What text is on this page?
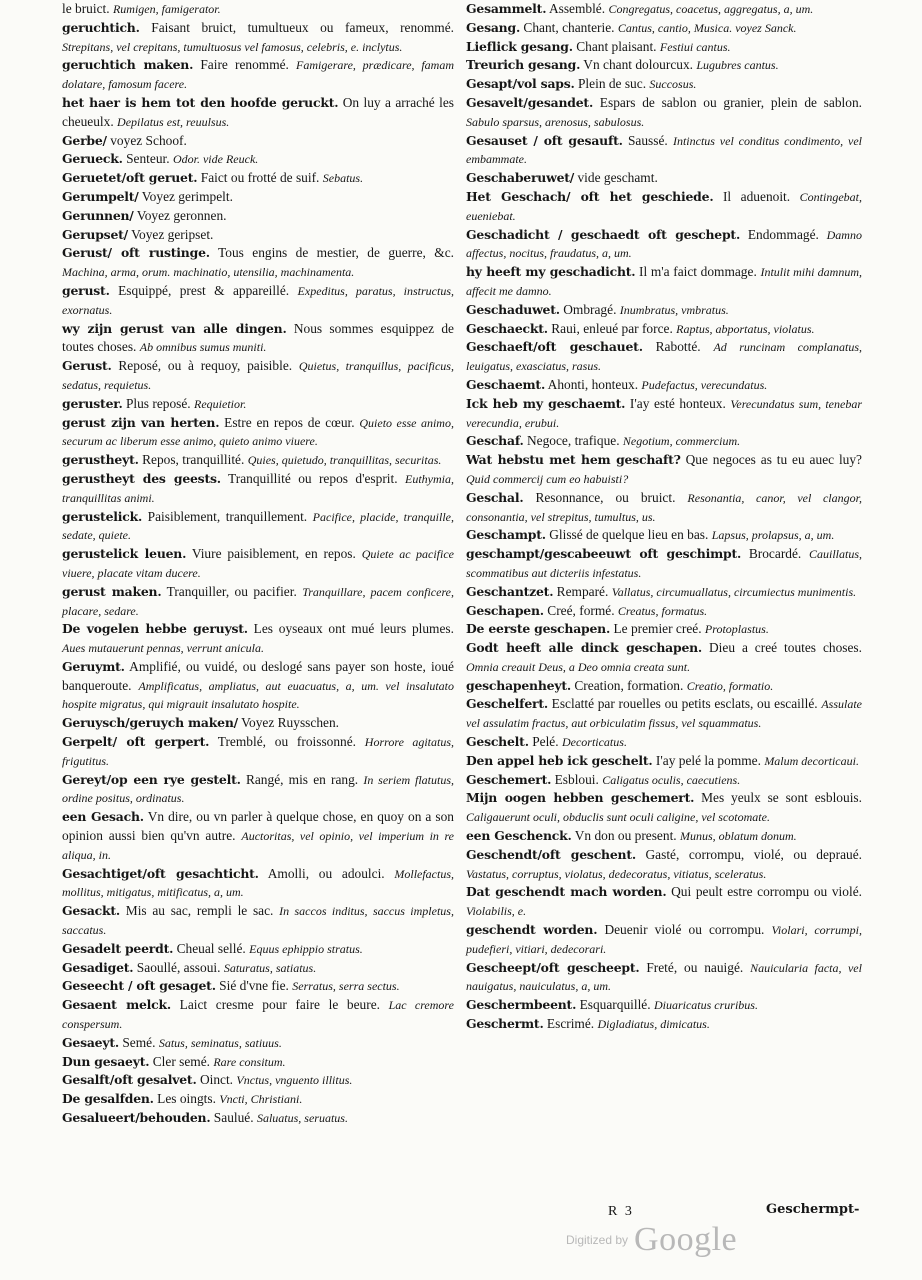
le bruict. Rumigen, famigerator.

geruchtich. Faisant bruict, tumultueux ou fameux, renommé. Strepitans, vel crepitans, tumultuosus vel famosus, celebris, e. inclytus.

geruchtich maken. Faire renommé. Famigerare, prædicare, famam dolatare, famosum facere.

het haer is hem tot den hoofde geruckt. On luy a arraché les cheueulx. Depilatus est, reuulsus.

Gerbe/ voyez Schoof.

Gerueck. Senteur. Odor. vide Reuck.

Geruetet/oft geruet. Faict ou frotté de suif. Sebatus.

Gerumpelt/ Voyez gerimpelt.

Gerunnen/ Voyez geronnen.

Gerupset/ Voyez geripset.

Gerust/ oft rustinge. Tous engins de mestier, de guerre, &c. Machina, arma, orum. machinatio, utensilia, machinamenta.

gerust. Esquippé, prest & appareillé. Expeditus, paratus, instructus, exornatus.

wy zijn gerust van alle dingen. Nous sommes esquippez de toutes choses. Ab omnibus sumus muniti.

Gerust. Reposé, ou à requoy, paisible. Quietus, tranquillus, pacificus, sedatus, requietus.

geruster. Plus reposé. Requietior.

gerust zijn van herten. Estre en repos de cœur. Quieto esse animo, securum ac liberum esse animo, quieto animo viuere.

gerustheyt. Repos, tranquillité. Quies, quietudo, tranquillitas, securitas.

gerustheyt des geests. Tranquillité ou repos d'esprit. Euthymia, tranquillitas animi.

gerustelick. Paisiblement, tranquillement. Pacifice, placide, tranquille, sedate, quiete.

gerustelick leuen. Viure paisiblement, en repos. Quiete ac pacifice viuere, placate vitam ducere.

gerust maken. Tranquiller, ou pacifier. Tranquillare, pacem conficere, placare, sedare.

De vogelen hebbe geruyst. Les oyseaux ont mué leurs plumes. Aues mutauerunt pennas, verrunt anicula.

Geruymt. Amplifié, ou vuidé, ou deslogé sans payer son hoste, ioué banqueroute. Amplificatus, ampliatus, aut euacuatus, a, um. vel insalutato hospite migratus, qui migrauit insalutato hospite.

Geruysch/geruych maken/ Voyez Ruysschen.

Gerpelt/ oft gerpert. Tremblé, ou froissonné. Horrore agitatus, frigutitus.

Gereyt/op een rye gestelt. Rangé, mis en rang. In seriem flatutus, ordine positus, ordinatus.

een Gesach. Vn dire, ou vn parler à quelque chose, en quoy on a son opinion aussi bien qu'vn autre. Auctoritas, vel opinio, vel imperium in re aliqua, in.

Gesachtiget/oft gesachticht. Amolli, ou adoulci. Mollefactus, mollitus, mitigatus, mitificatus, a, um.

Gesackt. Mis au sac, rempli le sac. In saccos inditus, saccus impletus, saccatus.

Gesadelt peerdt. Cheual sellé. Equus ephippio stratus.

Gesadiget. Saoullé, assoui. Saturatus, satiatus.

Geseecht / oft gesaget. Sié d'vne fie. Serratus, serra sectus.

Gesaent melck. Laict cresme pour faire le beure. Lac cremore conspersum.

Gesaeyt. Semé. Satus, seminatus, satiuus.

Dun gesaeyt. Cler semé. Rare consitum.

Gesalft/oft gesalvet. Oinct. Vnctus, vnguento illitus.

De gesalfden. Les oingts. Vncti, Christiani.

Gesalueert/behouden. Saulué. Saluatus, seruatus.

Gesammelt. Assemblé. Congregatus, coacetus, aggregatus, a, um.

Gesang. Chant, chanterie. Cantus, cantio, Musica. voyez Sanck.

Lieflick gesang. Chant plaisant. Festiui cantus.

Treurich gesang. Vn chant dolourcux. Lugubres cantus.

Gesapt/vol saps. Plein de suc. Succosus.

Gesavelt/gesandet. Espars de sablon ou granier, plein de sablon. Sabulo sparsus, arenosus, sabulosus.

Gesauset / oft gesauft. Saussé. Intinctus vel conditus condimento, vel embammate.

Geschaberuwet/ vide geschamt.

Het Geschach/ oft het geschiede. Il aduenoit. Contingebat, eueniebat.

Geschadicht / geschaedt oft geschept. Endommagé. Damno affectus, nocitus, fraudatus, a, um.

hy heeft my geschadicht. Il m'a faict dommage. Intulit mihi damnum, affecit me damno.

Geschaduwet. Ombragé. Inumbratus, vmbratus.

Geschaeckt. Raui, enleué par force. Raptus, abportatus, violatus.

Geschaeft/oft geschauet. Rabotté. Ad runcinam complanatus, leuigatus, exasciatus, rasus.

Geschaemt. Ahonti, honteux. Pudefactus, verecundatus.

Ick heb my geschaemt. I'ay esté honteux. Verecundatus sum, tenebar verecundia, erubui.

Geschaf. Negoce, trafique. Negotium, commercium.

Wat hebstu met hem geschaft? Que negoces as tu eu auec luy? Quid commercij cum eo habuisti?

Geschal. Resonnance, ou bruict. Resonantia, canor, vel clangor, consonantia, vel strepitus, tumultus, us.

Geschampt. Glissé de quelque lieu en bas. Lapsus, prolapsus, a, um.

geschampt/gescabeeuwt oft geschimpt. Brocardé. Cauillatus, scommatibus aut dicteriis infestatus.

Geschantzet. Remparé. Vallatus, circumuallatus, circumiectus munimentis.

Geschapen. Creé, formé. Creatus, formatus.

De eerste geschapen. Le premier creé. Protoplastus.

Godt heeft alle dinck geschapen. Dieu a creé toutes choses. Omnia creauit Deus, a Deo omnia creata sunt.

geschapenheyt. Creation, formation. Creatio, formatio.

Geschelfert. Esclatté par rouelles ou petits esclats, ou escaillé. Assulate vel assulatim fractus, aut orbiculatim fissus, vel squammatus.

Geschelt. Pelé. Decorticatus.

Den appel heb ick geschelt. I'ay pelé la pomme. Malum decorticaui.

Geschemert. Esbloui. Caligatus oculis, caecutiens.

Mijn oogen hebben geschemert. Mes yeulx se sont esblouis. Caligauerunt oculi, obduclis sunt oculi caligine, vel scotomate.

een Geschenck. Vn don ou present. Munus, oblatum donum.

Geschendt/oft geschent. Gasté, corrompu, violé, ou depraué. Vastatus, corruptus, violatus, dedecoratus, vitiatus, sceleratus.

Dat geschendt mach worden. Qui peult estre corrompu ou violé. Violabilis, e.

geschendt worden. Deuenir violé ou corrompu. Violari, corrumpi, pudefieri, vitiari, dedecorari.

Gescheept/oft gescheept. Freté, ou nauigé. Nauicularia facta, vel nauigatus, nauiculatus, a, um.

Geschermbeent. Esquarquillé. Diuaricatus cruribus.

Geschermt. Escrimé. Digladiatus, dimicatus.

R 3	Geschermpt-
Digitized by Google
